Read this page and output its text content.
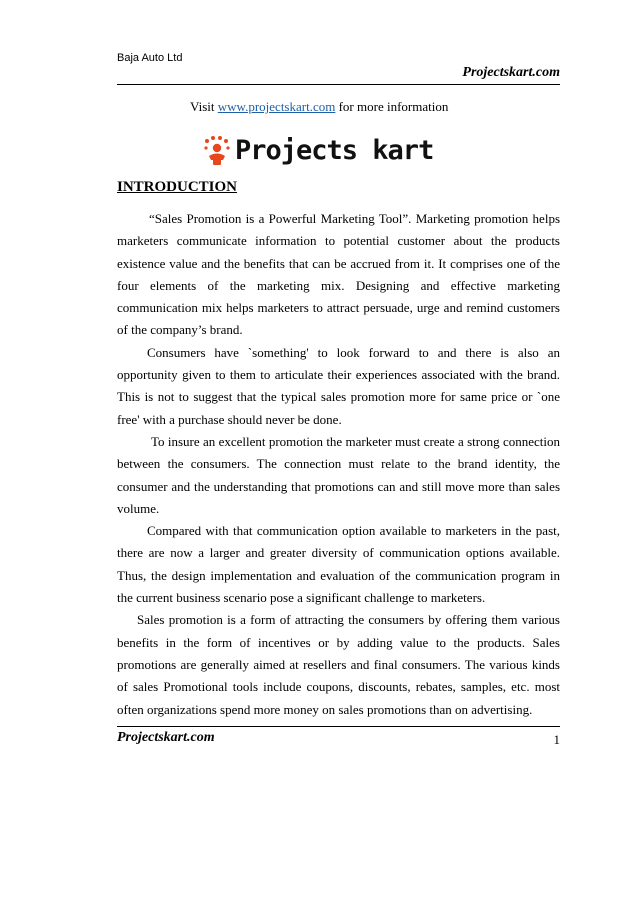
Baja Auto Ltd
Projectskart.com
Visit www.projectskart.com for more information
Projects kart
INTRODUCTION

“Sales Promotion is a Powerful Marketing Tool”. Marketing promotion helps marketers communicate information to potential customer about the products existence value and the benefits that can be accrued from it. It comprises one of the four elements of the marketing mix. Designing and effective marketing communication mix helps marketers to attract persuade, urge and remind customers of the company’s brand.

Consumers have `something' to look forward to and there is also an opportunity given to them to articulate their experiences associated with the brand. This is not to suggest that the typical sales promotion more for same price or `one free' with a purchase should never be done.

To insure an excellent promotion the marketer must create a strong connection between the consumers. The connection must relate to the brand identity, the consumer and the understanding that promotions can and still move more than sales volume.

Compared with that communication option available to marketers in the past, there are now a larger and greater diversity of communication options available. Thus, the design implementation and evaluation of the communication program in the current business scenario pose a significant challenge to marketers.

Sales promotion is a form of attracting the consumers by offering them various benefits in the form of incentives or by adding value to the products. Sales promotions are generally aimed at resellers and final consumers. The various kinds of sales Promotional tools include coupons, discounts, rebates, samples, etc. most often organizations spend more money on sales promotions than on advertising.

Projectskart.com	1
